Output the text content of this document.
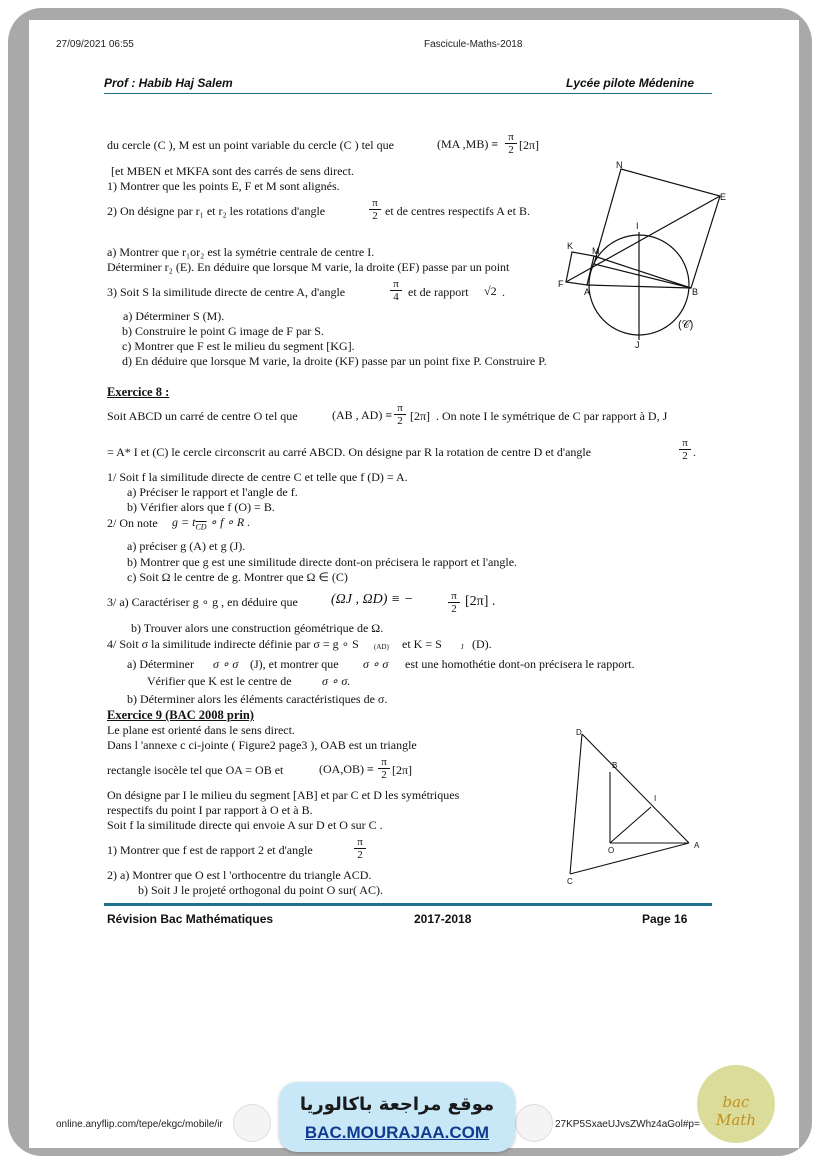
27/09/2021 06:55	Fascicule-Maths-2018
Prof : Habib Haj Salem	Lycée pilote Médenine
du cercle (C ), M est un point variable du cercle (C ) tel que	(MA ,MB) ≡ π
2 [2π]
[et MBEN et MKFA sont des carrés de sens direct.
1) Montrer que les points E, F et M sont alignés.
2) On désigne par r₁ et r₂ les rotations d'angle
π
2 et de centres respectifs A et B.
a) Montrer que r₁or₂ est la symétrie centrale de centre I.
Déterminer r₂ (E). En déduire que lorsque M varie, la droite (EF) passe par un point
3) Soit S la similitude directe de centre A, d'angle
π
4 et de rapport √2 .
a) Déterminer S (M).
b) Construire le point G image de F par S.
c) Montrer que F est le milieu du segment [KG].
d) En déduire que lorsque M varie, la droite (KF) passe par un point fixe P. Construire P.
N
E
I
K M
F
A	B
J
(𝒞)
Exercice 8 :
Soit ABCD un carré de centre O tel que	(AB , AD) ≡ π
2 [2π] . On note I le symétrique de C par rapport à D, J
= A* I et (C) le cercle circonscrit au carré ABCD. On désigne par R la rotation de centre D et d'angle
π
2 .
1/ Soit f la similitude directe de centre C et telle que f (D) = A.
a) Préciser le rapport et l'angle de f.
b) Vérifier alors que f (O) = B.
2/ On note $g = t_{\overline{CD}}$ ∘ f ∘ R .
a) préciser g (A) et g (J).
b) Montrer que g est une similitude directe dont-on précisera le rapport et l'angle.
c) Soit Ω le centre de g. Montrer que Ω ∈ (C)
3/ a) Caractériser g ∘ g , en déduire que (ΩJ , ΩD) ≡ −	π
2 [2π] .
b) Trouver alors une construction géométrique de Ω.
4/ Soit σ la similitude indirecte définie par σ = g ∘ S (AD) et K = S	J (D).
a) Déterminer σ ∘ σ (J), et montrer que σ ∘ σ est une homothétie dont-on précisera le rapport.
Vérifier que K est le centre de	σ ∘ σ.
b) Déterminer alors les éléments caractéristiques de σ.
Exercice 9 (BAC 2008 prin)
Le plane est orienté dans le sens direct.
Dans l 'annexe c ci-jointe ( Figure2 page3 ), OAB est un triangle
rectangle isocèle tel que OA = OB et	(OA,OB) ≡ π
2 [2π]
On désigne par I le milieu du segment [AB] et par C et D les symétriques
respectifs du point I par rapport à O et à B.
Soit f la similitude directe qui envoie A sur D et O sur C .
1) Montrer que f est de rapport 2 et d'angle
π
2
2) a) Montrer que O est l 'orthocentre du triangle ACD.
b) Soit J le projeté orthogonal du point O sur( AC).
D
B
I
O
A
C
Révision Bac Mathématiques	2017-2018	Page 16
online.anyflip.com/tepe/ekgc/mobile/ir	27KP5SxaeUJvsZWhz4aGol#p=
موقع مراجعة باكالوريا
BAC.MOURAJAA.COM
bac Math
